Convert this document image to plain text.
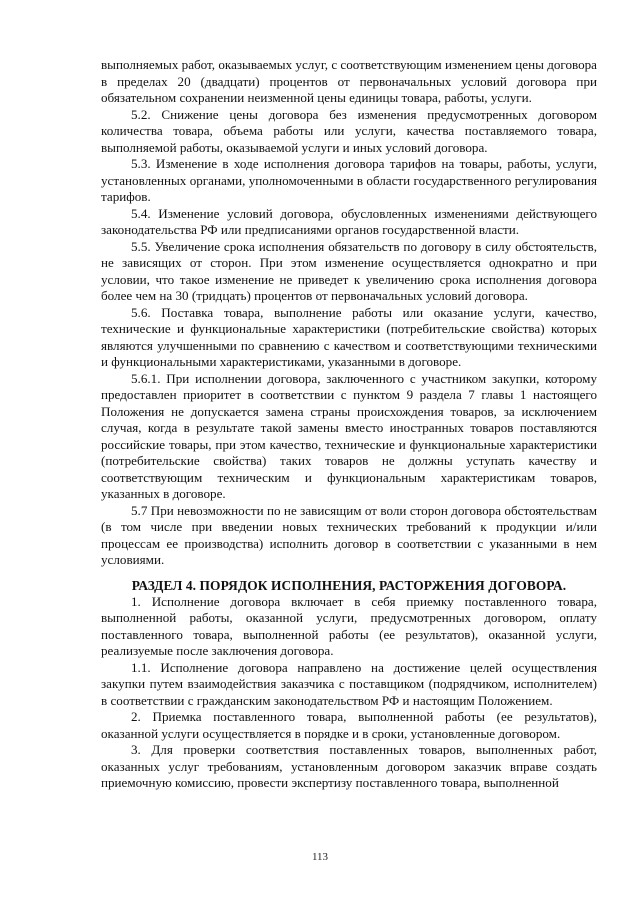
выполняемых работ, оказываемых услуг, с соответствующим изменением цены договора в пределах 20 (двадцати) процентов от первоначальных условий договора при обязательном сохранении неизменной цены единицы товара, работы, услуги.

5.2. Снижение цены договора без изменения предусмотренных договором количества товара, объема работы или услуги, качества поставляемого товара, выполняемой работы, оказываемой услуги и иных условий договора.

5.3. Изменение в ходе исполнения договора тарифов на товары, работы, услуги, установленных органами, уполномоченными в области государственного регулирования тарифов.

5.4. Изменение условий договора, обусловленных изменениями действующего законодательства РФ или предписаниями органов государственной власти.

5.5. Увеличение срока исполнения обязательств по договору в силу обстоятельств, не зависящих от сторон. При этом изменение осуществляется однократно и при условии, что такое изменение не приведет к увеличению срока исполнения договора более чем на 30 (тридцать) процентов от первоначальных условий договора.

5.6. Поставка товара, выполнение работы или оказание услуги, качество, технические и функциональные характеристики (потребительские свойства) которых являются улучшенными по сравнению с качеством и соответствующими техническими и функциональными характеристиками, указанными в договоре.

5.6.1. При исполнении договора, заключенного с участником закупки, которому предоставлен приоритет в соответствии с пунктом 9 раздела 7 главы 1 настоящего Положения не допускается замена страны происхождения товаров, за исключением случая, когда в результате такой замены вместо иностранных товаров поставляются российские товары, при этом качество, технические и функциональные характеристики (потребительские свойства) таких товаров не должны уступать качеству и соответствующим техническим и функциональным характеристикам товаров, указанных в договоре.

5.7 При невозможности по не зависящим от воли сторон договора обстоятельствам (в том числе при введении новых технических требований к продукции и/или процессам ее производства) исполнить договор в соответствии с указанными в нем условиями.

РАЗДЕЛ 4. ПОРЯДОК ИСПОЛНЕНИЯ, РАСТОРЖЕНИЯ ДОГОВОРА.

1. Исполнение договора включает в себя приемку поставленного товара, выполненной работы, оказанной услуги, предусмотренных договором, оплату поставленного товара, выполненной работы (ее результатов), оказанной услуги, реализуемые после заключения договора.

1.1. Исполнение договора направлено на достижение целей осуществления закупки путем взаимодействия заказчика с поставщиком (подрядчиком, исполнителем) в соответствии с гражданским законодательством РФ и настоящим Положением.

2. Приемка поставленного товара, выполненной работы (ее результатов), оказанной услуги осуществляется в порядке и в сроки, установленные договором.

3. Для проверки соответствия поставленных товаров, выполненных работ, оказанных услуг требованиям, установленным договором заказчик вправе создать приемочную комиссию, провести экспертизу поставленного товара, выполненной

113
